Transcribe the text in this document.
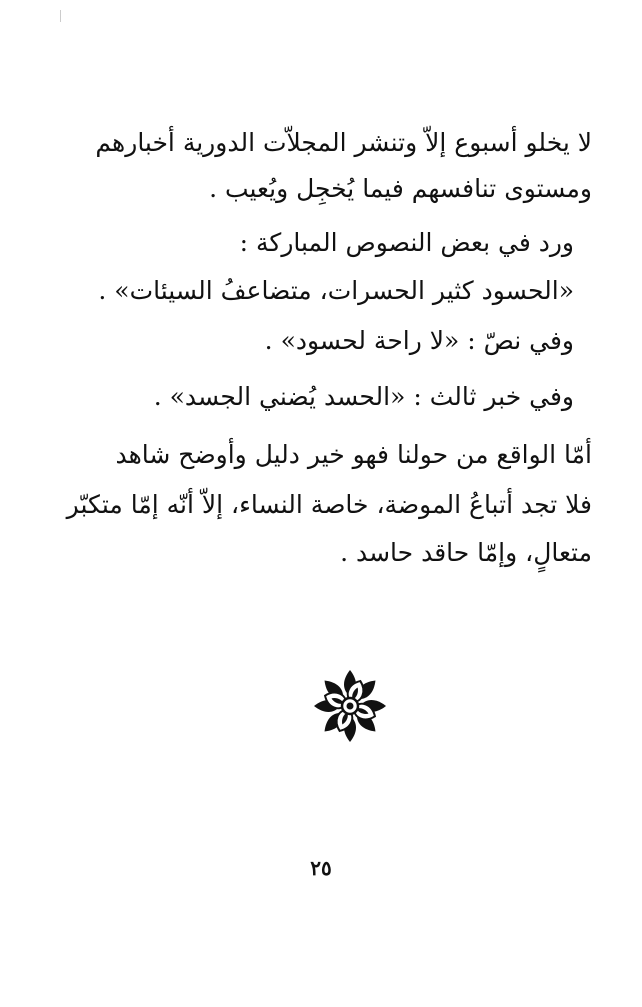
لا يخلو أسبوع إلاّ وتنشر المجلاّت الدورية أخبارهم
ومستوى تنافسهم فيما يُخجِل ويُعيب .
ورد في بعض النصوص المباركة :
«الحسود كثير الحسرات، متضاعفُ السيئات» .
وفي نصّ : «لا راحة لحسود» .
وفي خبر ثالث : «الحسد يُضني الجسد» .
أمّا الواقع من حولنا فهو خير دليل وأوضح شاهد
فلا تجد أتباعُ الموضة، خاصة النساء، إلاّ أنّه إمّا متكبّر
متعالٍ، وإمّا حاقد حاسد .
٢٥
